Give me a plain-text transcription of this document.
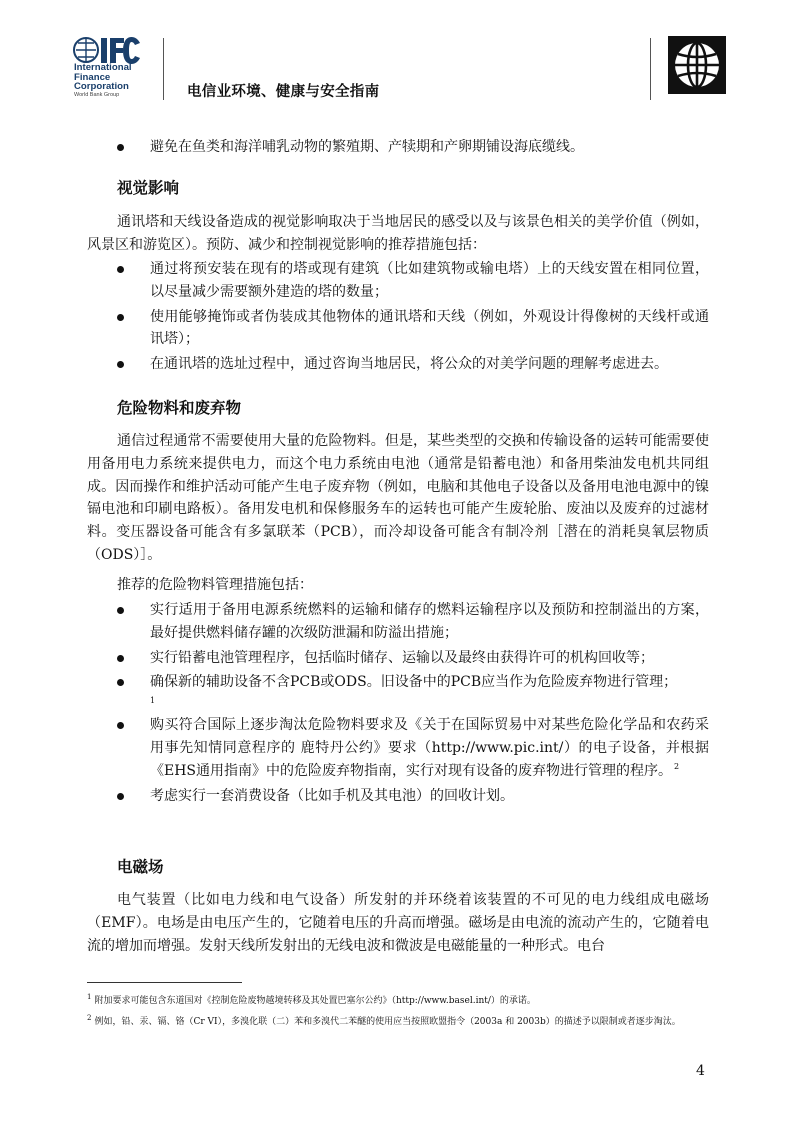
International
Finance
Corporation
World Bank Group	电信业环境、健康与安全指南
避免在鱼类和海洋哺乳动物的繁殖期、产犊期和产卵期铺设海底缆线。
视觉影响
通讯塔和天线设备造成的视觉影响取决于当地居民的感受以及与该景色相关的美学价值（例如，风景区和游览区）。预防、减少和控制视觉影响的推荐措施包括：
通过将预安装在现有的塔或现有建筑（比如建筑物或输电塔）上的天线安置在相同位置，以尽量减少需要额外建造的塔的数量；
使用能够掩饰或者伪装成其他物体的通讯塔和天线（例如，外观设计得像树的天线杆或通讯塔）；
在通讯塔的选址过程中，通过咨询当地居民，将公众的对美学问题的理解考虑进去。
危险物料和废弃物
通信过程通常不需要使用大量的危险物料。但是，某些类型的交换和传输设备的运转可能需要使用备用电力系统来提供电力，而这个电力系统由电池（通常是铅蓄电池）和备用柴油发电机共同组成。因而操作和维护活动可能产生电子废弃物（例如，电脑和其他电子设备以及备用电池电源中的镍镉电池和印刷电路板）。备用发电机和保修服务车的运转也可能产生废轮胎、废油以及废弃的过滤材料。变压器设备可能含有多氯联苯（PCB），而冷却设备可能含有制冷剂［潜在的消耗臭氧层物质（ODS）］。
推荐的危险物料管理措施包括：
实行适用于备用电源系统燃料的运输和储存的燃料运输程序以及预防和控制溢出的方案，最好提供燃料储存罐的次级防泄漏和防溢出措施；
实行铅蓄电池管理程序，包括临时储存、运输以及最终由获得许可的机构回收等；
确保新的辅助设备不含PCB或ODS。旧设备中的PCB应当作为危险废弃物进行管理；
1
购买符合国际上逐步淘汰危险物料要求及《关于在国际贸易中对某些危险化学品和农药采用事先知情同意程序的 鹿特丹公约》要求（http://www.pic.int/）的电子设备，并根据《EHS通用指南》中的危险废弃物指南，实行对现有设备的废弃物进行管理的程序。 $^2$
考虑实行一套消费设备（比如手机及其电池）的回收计划。
电磁场
电气装置（比如电力线和电气设备）所发射的并环绕着该装置的不可见的电力线组成电磁场（EMF）。电场是由电压产生的，它随着电压的升高而增强。磁场是由电流的流动产生的，它随着电流的增加而增强。发射天线所发射出的无线电波和微波是电磁能量的一种形式。电台

$^1$ 附加要求可能包含东道国对《控制危险废物越境转移及其处置巴塞尔公约》（http://www.basel.int/）的承诺。

$^2$ 例如，铅、汞、镉、铬（Cr VI），多溴化联（二）苯和多溴代二苯醚的使用应当按照欧盟指令（2003a 和 2003b）的描述予以限制或者逐步淘汰。

4
